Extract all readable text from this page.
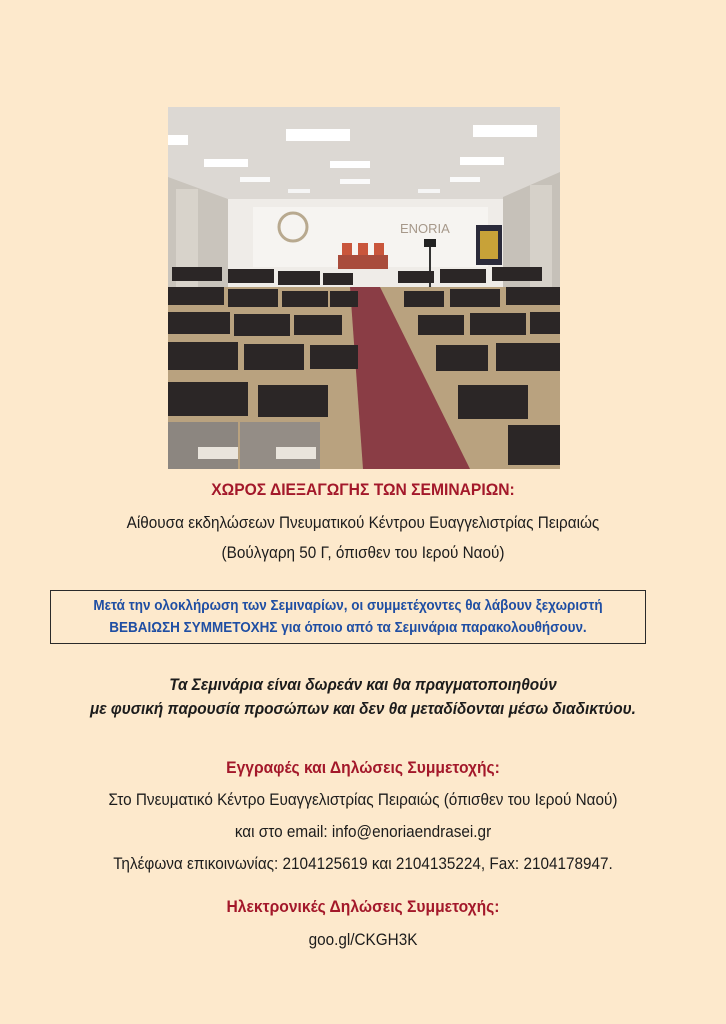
ENORIA
ΧΩΡΟΣ ΔΙΕΞΑΓΩΓΗΣ ΤΩΝ ΣΕΜΙΝΑΡΙΩΝ:
Αίθουσα εκδηλώσεων Πνευματικού Κέντρου Ευαγγελιστρίας Πειραιώς
(Βούλγαρη 50 Γ, όπισθεν του Ιερού Ναού)
Μετά την ολοκλήρωση των Σεμιναρίων, οι συμμετέχοντες θα λάβουν ξεχωριστή
ΒΕΒΑΙΩΣΗ ΣΥΜΜΕΤΟΧΗΣ για όποιο από τα Σεμινάρια παρακολουθήσουν.
Τα Σεμινάρια είναι δωρεάν και θα πραγματοποιηθούν
με φυσική παρουσία προσώπων και δεν θα μεταδίδονται μέσω διαδικτύου.
Εγγραφές και Δηλώσεις Συμμετοχής:
Στο Πνευματικό Κέντρο Ευαγγελιστρίας Πειραιώς (όπισθεν του Ιερού Ναού)
και στο email: info@enoriaendrasei.gr
Τηλέφωνα επικοινωνίας: 2104125619 και 2104135224, Fax: 2104178947.
Ηλεκτρονικές Δηλώσεις Συμμετοχής:
goo.gl/CKGH3K
